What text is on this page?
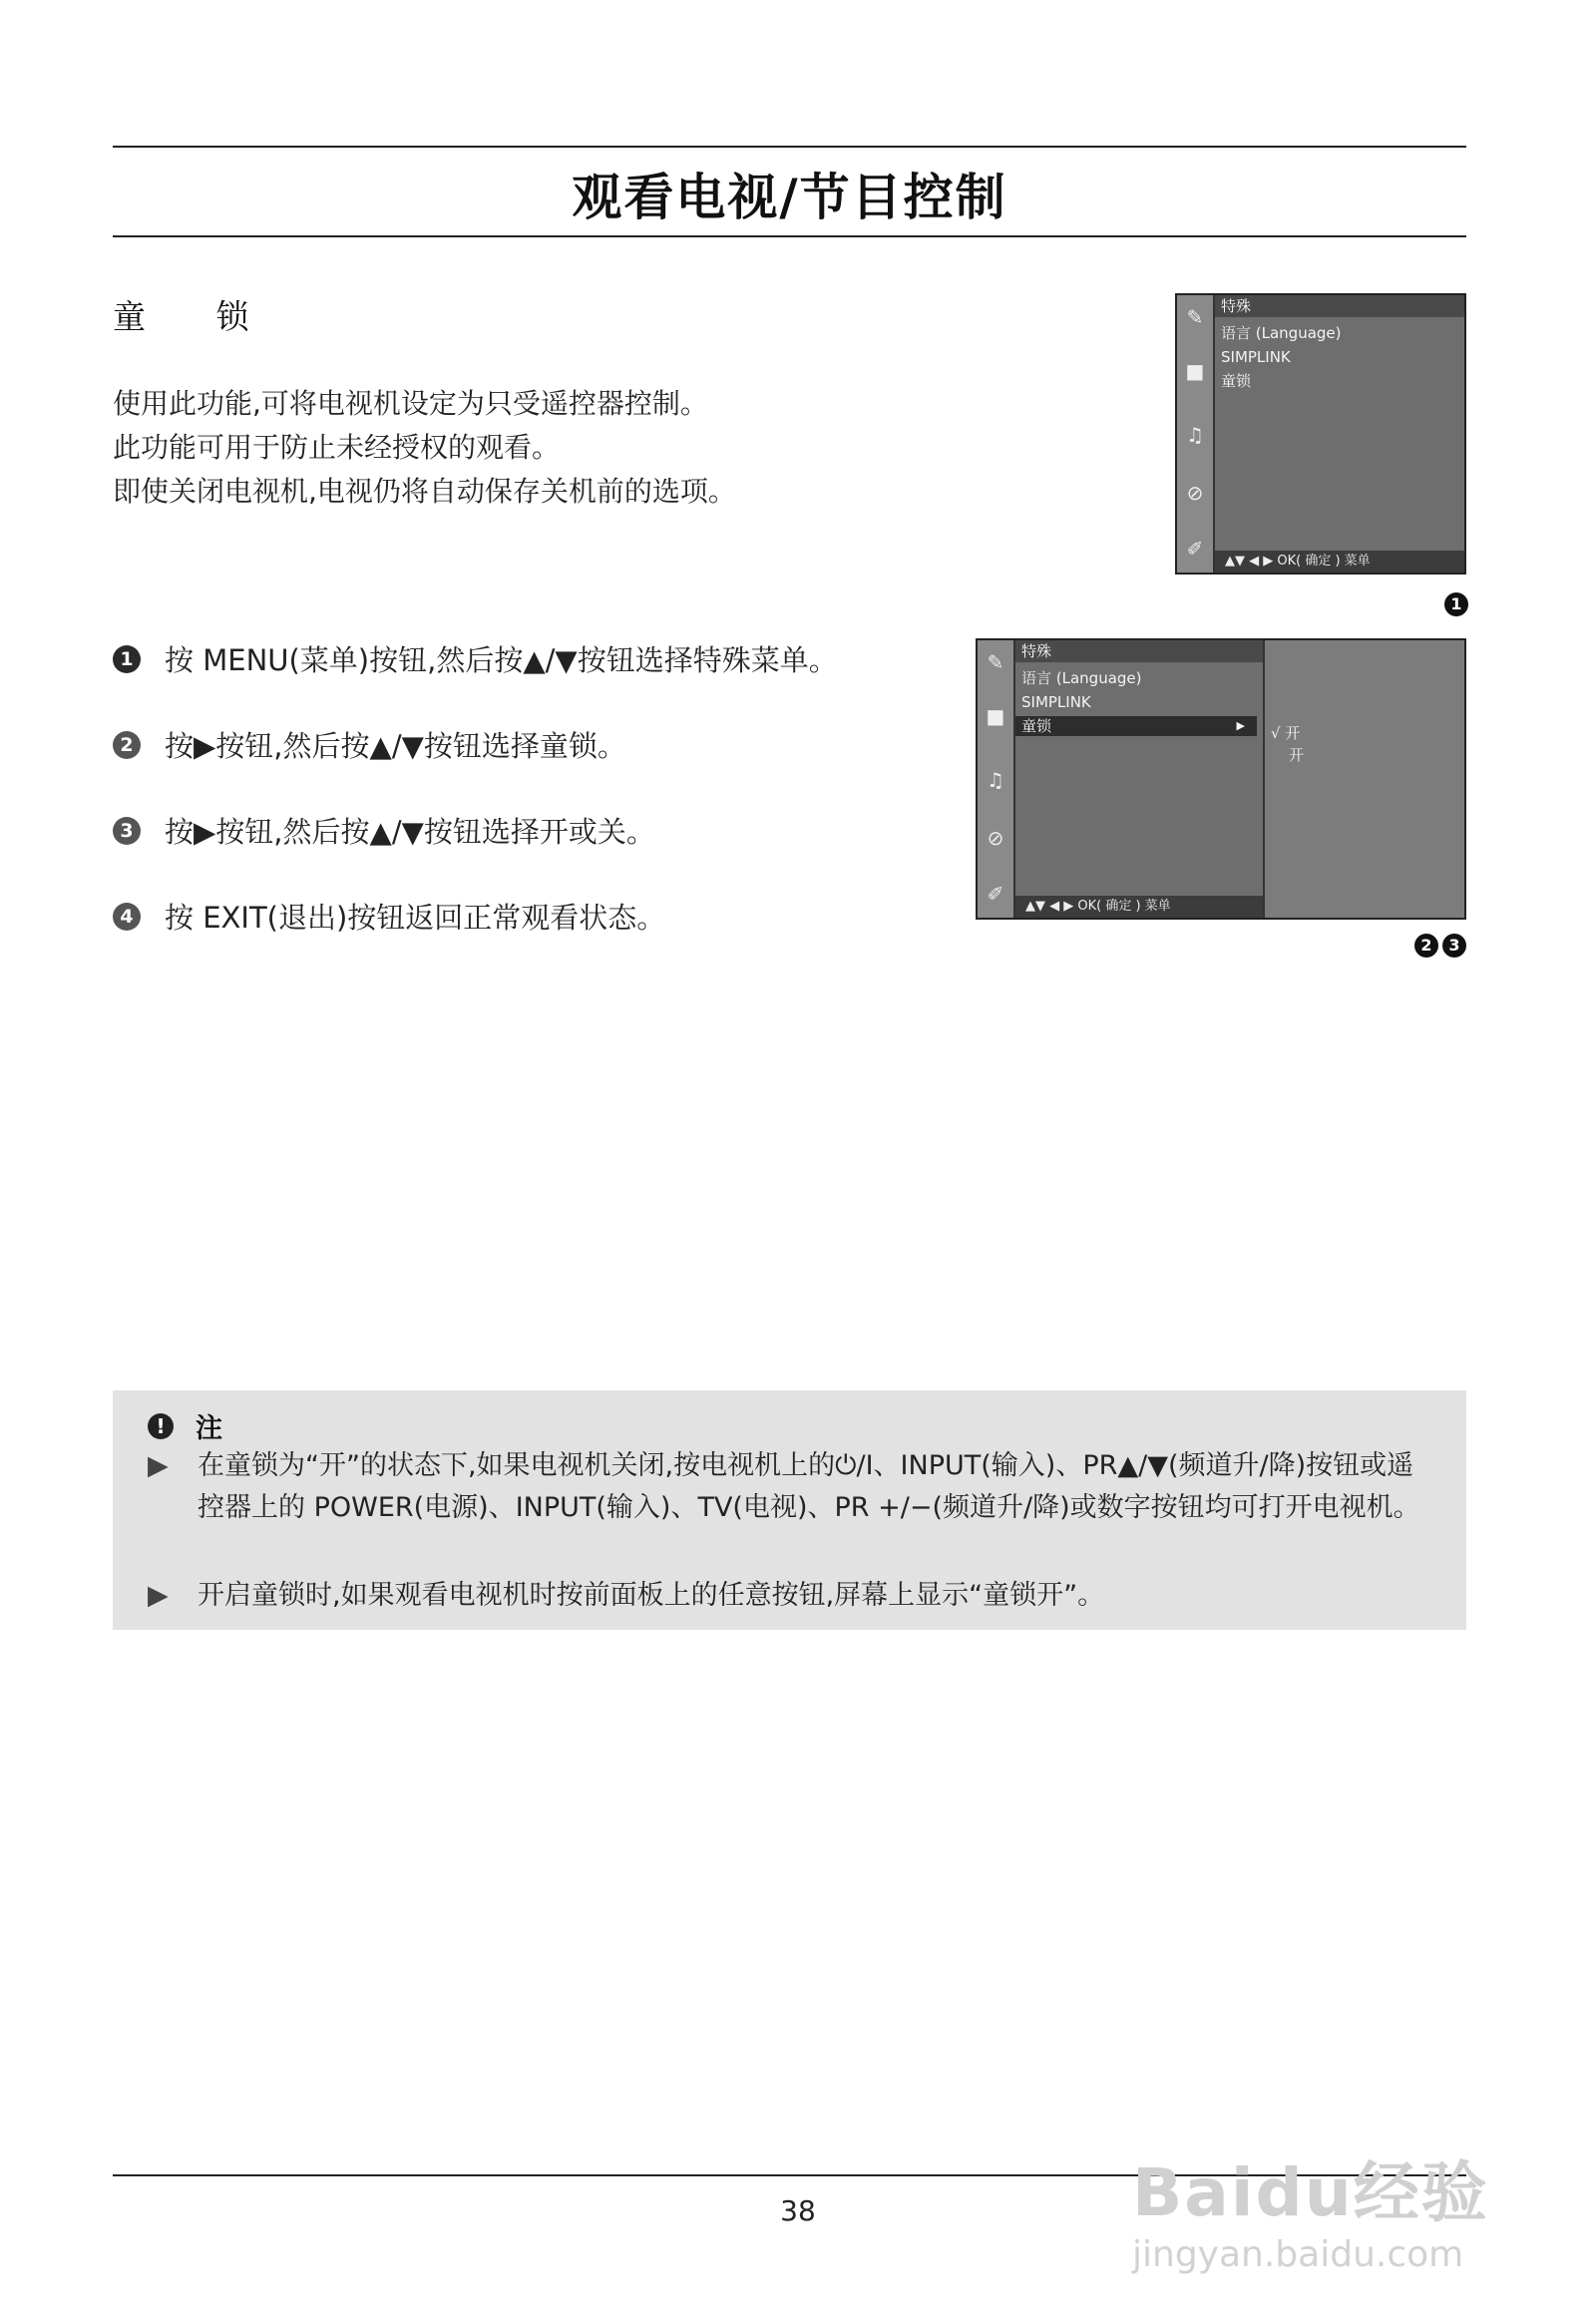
观看电视/节目控制
童 锁

使用此功能,可将电视机设定为只受遥控器控制。

此功能可用于防止未经授权的观看。

即使关闭电视机,电视仍将自动保存关机前的选项。

✎
■
♫
⊘
✐
特殊
语言 (Language)
SIMPLINK
童锁
▲▼ ◀ ▶ OK( 确定 ) 菜单
1
✎
■
♫
⊘
✐
特殊
语言 (Language)
SIMPLINK
童锁	▶ √ 开
开
▲▼ ◀ ▶ OK( 确定 ) 菜单
2	3
1 按 MENU(菜单)按钮,然后按▲/▼按钮选择特殊菜单。
2 按▶按钮,然后按▲/▼按钮选择童锁。
3 按▶按钮,然后按▲/▼按钮选择开或关。
4 按 EXIT(退出)按钮返回正常观看状态。
!	注
▶	在童锁为“开”的状态下,如果电视机关闭,按电视机上的⏻/I、INPUT(输入)、PR▲/▼(频道升/降)按钮或遥控器上的 POWER(电源)、INPUT(输入)、TV(电视)、PR +/−(频道升/降)或数字按钮均可打开电视机。
▶	开启童锁时,如果观看电视机时按前面板上的任意按钮,屏幕上显示“童锁开”。
38	Baidu经验
jingyan.baidu.com
